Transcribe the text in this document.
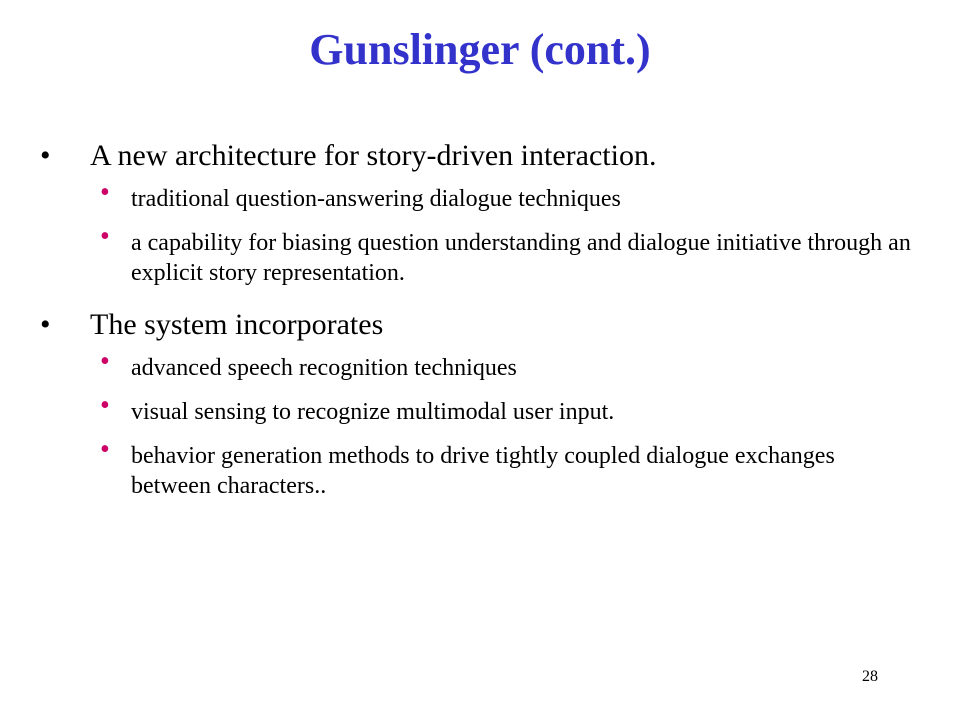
Gunslinger (cont.)

•	A new architecture for story-driven interaction.

• traditional question-answering dialogue techniques

• a capability for biasing question understanding and dialogue initiative through an explicit story representation.

•	The system incorporates

• advanced speech recognition techniques

• visual sensing to recognize multimodal user input.

• behavior generation methods to drive tightly coupled dialogue exchanges between characters..

28
